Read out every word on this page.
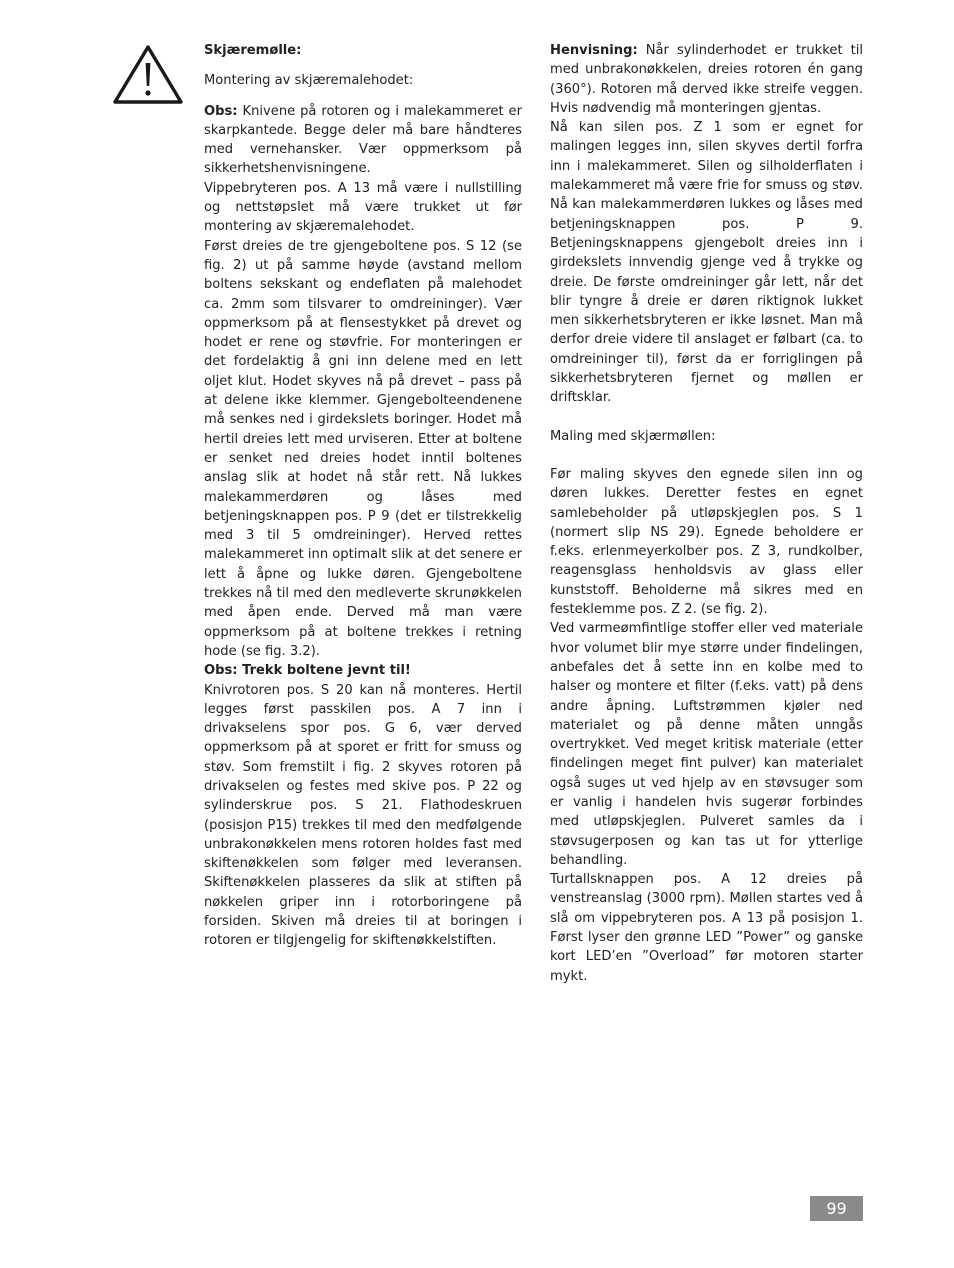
Skjæremølle:

Montering av skjæremalehodet:

Obs: Knivene på rotoren og i malekammeret er skarpkantede. Begge deler må bare håndteres med vernehansker. Vær oppmerksom på sikkerhetshenvisningene.

Vippebryteren pos. A 13 må være i nullstilling og nettstøpslet må være trukket ut før montering av skjæremalehodet.

Først dreies de tre gjengeboltene pos. S 12 (se fig. 2) ut på samme høyde (avstand mellom boltens sekskant og endeflaten på malehodet ca. 2mm som tilsvarer to omdreininger). Vær oppmerksom på at flensestykket på drevet og hodet er rene og støvfrie. For monteringen er det fordelaktig å gni inn delene med en lett oljet klut. Hodet skyves nå på drevet – pass på at delene ikke klemmer. Gjengebolteendenene må senkes ned i girdekslets boringer. Hodet må hertil dreies lett med urviseren. Etter at boltene er senket ned dreies hodet inntil boltenes anslag slik at hodet nå står rett. Nå lukkes malekammerdøren og låses med betjeningsknappen pos. P 9 (det er tilstrekkelig med 3 til 5 omdreininger). Herved rettes malekammeret inn optimalt slik at det senere er lett å åpne og lukke døren. Gjengeboltene trekkes nå til med den medleverte skrunøkkelen med åpen ende. Derved må man være oppmerksom på at boltene trekkes i retning hode (se fig. 3.2).

Obs: Trekk boltene jevnt til!

Knivrotoren pos. S 20 kan nå monteres. Hertil legges først passkilen pos. A 7 inn i drivakselens spor pos. G 6, vær derved oppmerksom på at sporet er fritt for smuss og støv. Som fremstilt i fig. 2 skyves rotoren på drivakselen og festes med skive pos. P 22 og sylinderskrue pos. S 21. Flathodeskruen (posisjon P15) trekkes til med den medfølgende unbrakonøkkelen mens rotoren holdes fast med skiftenøkkelen som følger med leveransen. Skiftenøkkelen plasseres da slik at stiften på nøkkelen griper inn i rotorboringene på forsiden. Skiven må dreies til at boringen i rotoren er tilgjengelig for skiftenøkkelstiften.

Henvisning: Når sylinderhodet er trukket til med unbrakonøkkelen, dreies rotoren én gang (360°). Rotoren må derved ikke streife veggen. Hvis nødvendig må monteringen gjentas.

Nå kan silen pos. Z 1 som er egnet for malingen legges inn, silen skyves dertil forfra inn i malekammeret. Silen og silholderflaten i malekammeret må være frie for smuss og støv. Nå kan malekammerdøren lukkes og låses med betjeningsknappen pos. P 9. Betjeningsknappens gjengebolt dreies inn i girdekslets innvendig gjenge ved å trykke og dreie. De første omdreininger går lett, når det blir tyngre å dreie er døren riktignok lukket men sikkerhetsbryteren er ikke løsnet. Man må derfor dreie videre til anslaget er følbart (ca. to omdreininger til), først da er forriglingen på sikkerhetsbryteren fjernet og møllen er driftsklar.

Maling med skjærmøllen:

Før maling skyves den egnede silen inn og døren lukkes. Deretter festes en egnet samlebeholder på utløpskjeglen pos. S 1 (normert slip NS 29). Egnede beholdere er f.eks. erlenmeyerkolber pos. Z 3, rundkolber, reagensglass henholdsvis av glass eller kunststoff. Beholderne må sikres med en festeklemme pos. Z 2. (se fig. 2).

Ved varmeømfintlige stoffer eller ved materiale hvor volumet blir mye større under findelingen, anbefales det å sette inn en kolbe med to halser og montere et filter (f.eks. vatt) på dens andre åpning. Luftstrømmen kjøler ned materialet og på denne måten unngås overtrykket. Ved meget kritisk materiale (etter findelingen meget fint pulver) kan materialet også suges ut ved hjelp av en støvsuger som er vanlig i handelen hvis sugerør forbindes med utløpskjeglen. Pulveret samles da i støvsugerposen og kan tas ut for ytterlige behandling.

Turtallsknappen pos. A 12 dreies på venstreanslag (3000 rpm). Møllen startes ved å slå om vippebryteren pos. A 13 på posisjon 1. Først lyser den grønne LED ”Power” og ganske kort LED’en ”Overload” før motoren starter mykt.

99
